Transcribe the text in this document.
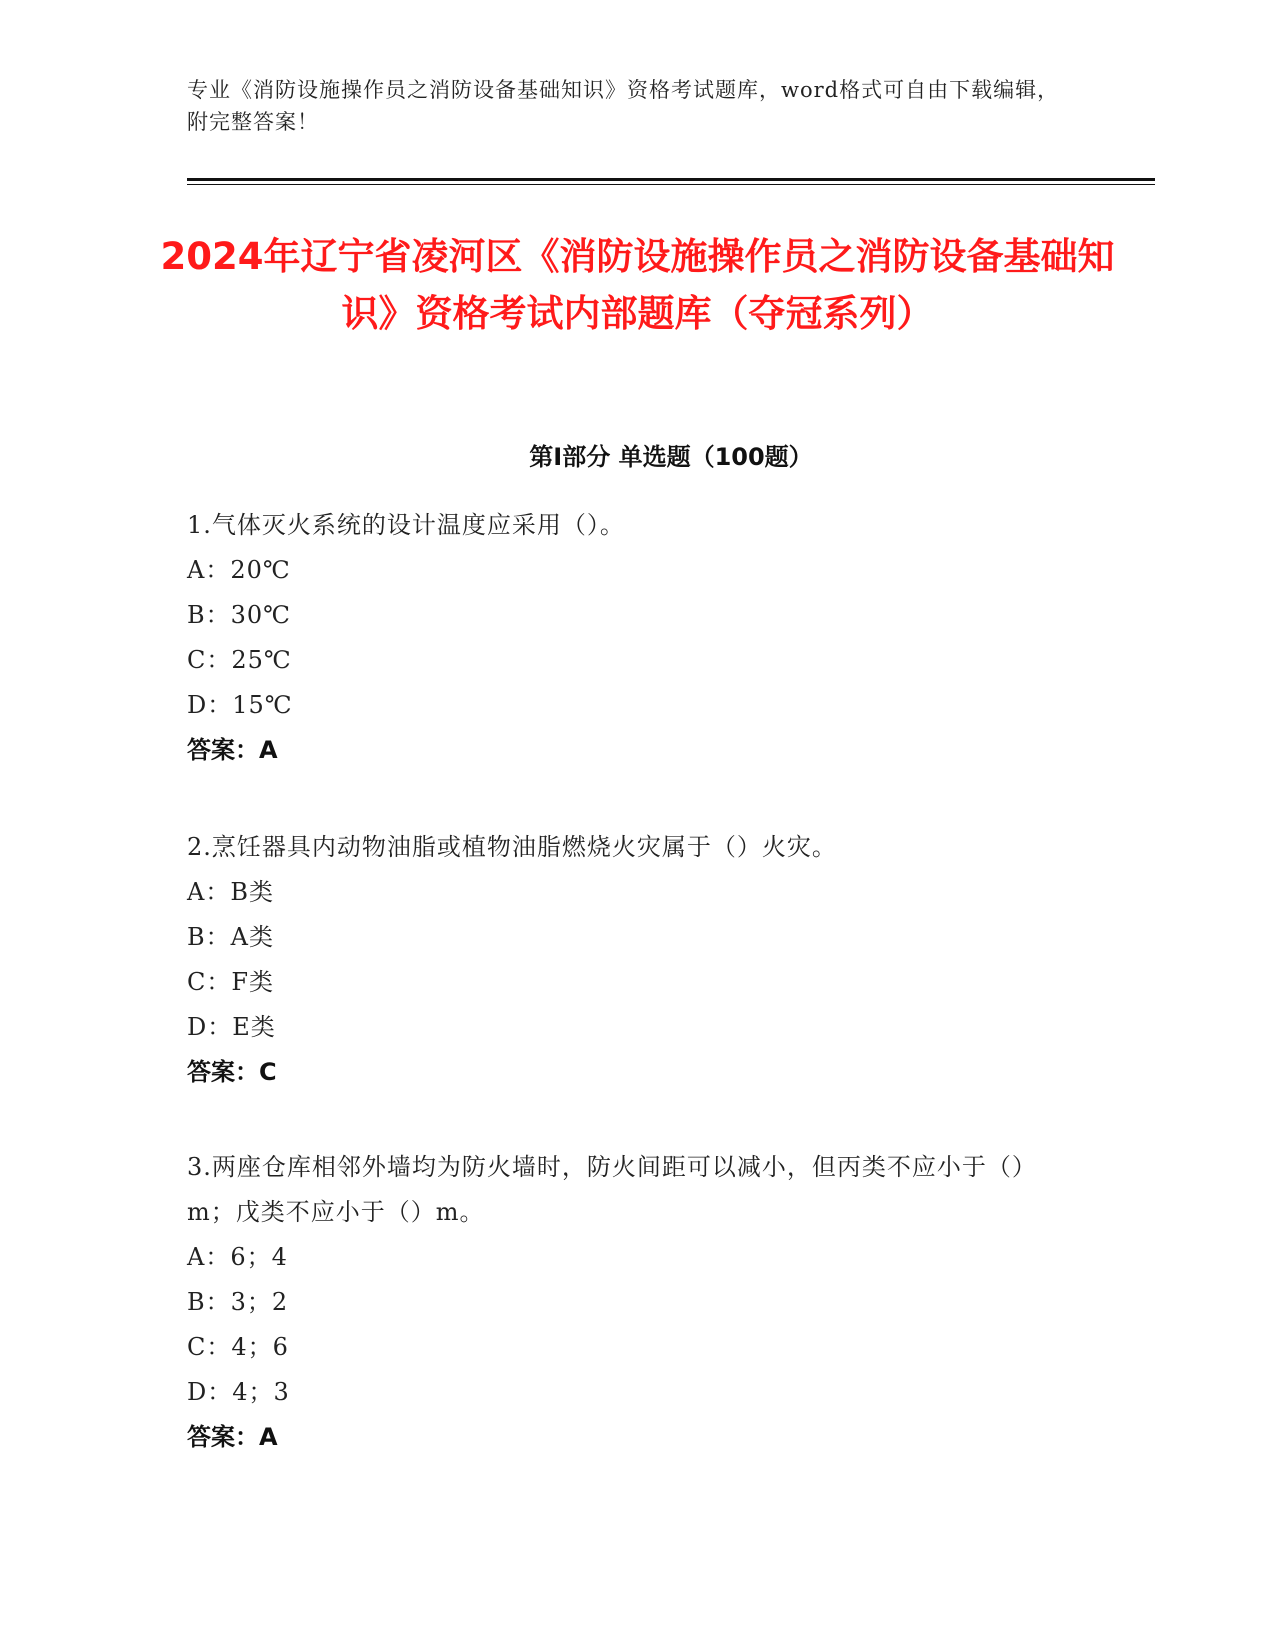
专业《消防设施操作员之消防设备基础知识》资格考试题库，word格式可自由下载编辑，附完整答案！
2024年辽宁省凌河区《消防设施操作员之消防设备基础知识》资格考试内部题库（夺冠系列）
第Ⅰ部分 单选题（100题）
1.气体灭火系统的设计温度应采用（）。
A：20℃
B：30℃
C：25℃
D：15℃
答案：A
2.烹饪器具内动物油脂或植物油脂燃烧火灾属于（）火灾。
A：B类
B：A类
C：F类
D：E类
答案：C
3.两座仓库相邻外墙均为防火墙时，防火间距可以减小，但丙类不应小于（）m；戊类不应小于（）m。
A：6；4
B：3；2
C：4；6
D：4；3
答案：A
